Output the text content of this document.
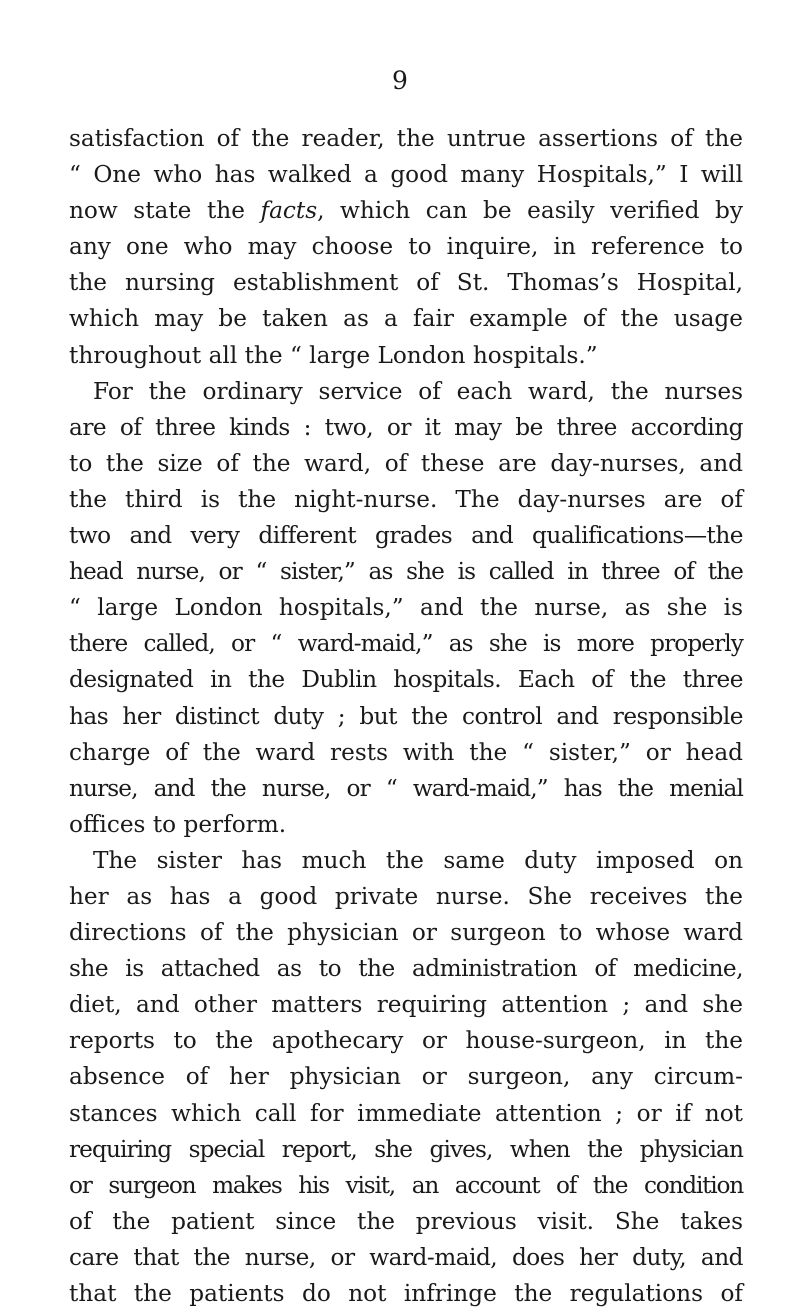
9
satisfaction of the reader, the untrue assertions of the
“ One who has walked a good many Hospitals,” I will
now state the facts, which can be easily verified by
any one who may choose to inquire, in reference to
the nursing establishment of St. Thomas’s Hospital,
which may be taken as a fair example of the usage
throughout all the “ large London hospitals.”
For the ordinary service of each ward, the nurses
are of three kinds : two, or it may be three according
to the size of the ward, of these are day-nurses, and
the third is the night-nurse. The day-nurses are of
two and very different grades and qualifications—the
head nurse, or “ sister,” as she is called in three of the
“ large London hospitals,” and the nurse, as she is
there called, or “ ward-maid,” as she is more properly
designated in the Dublin hospitals. Each of the three
has her distinct duty ; but the control and responsible
charge of the ward rests with the “ sister,” or head
nurse, and the nurse, or “ ward-maid,” has the menial
offices to perform.
The sister has much the same duty imposed on
her as has a good private nurse. She receives the
directions of the physician or surgeon to whose ward
she is attached as to the administration of medicine,
diet, and other matters requiring attention ; and she
reports to the apothecary or house-surgeon, in the
absence of her physician or surgeon, any circum-
stances which call for immediate attention ; or if not
requiring special report, she gives, when the physician
or surgeon makes his visit, an account of the condition
of the patient since the previous visit. She takes
care that the nurse, or ward-maid, does her duty, and
that the patients do not infringe the regulations of
